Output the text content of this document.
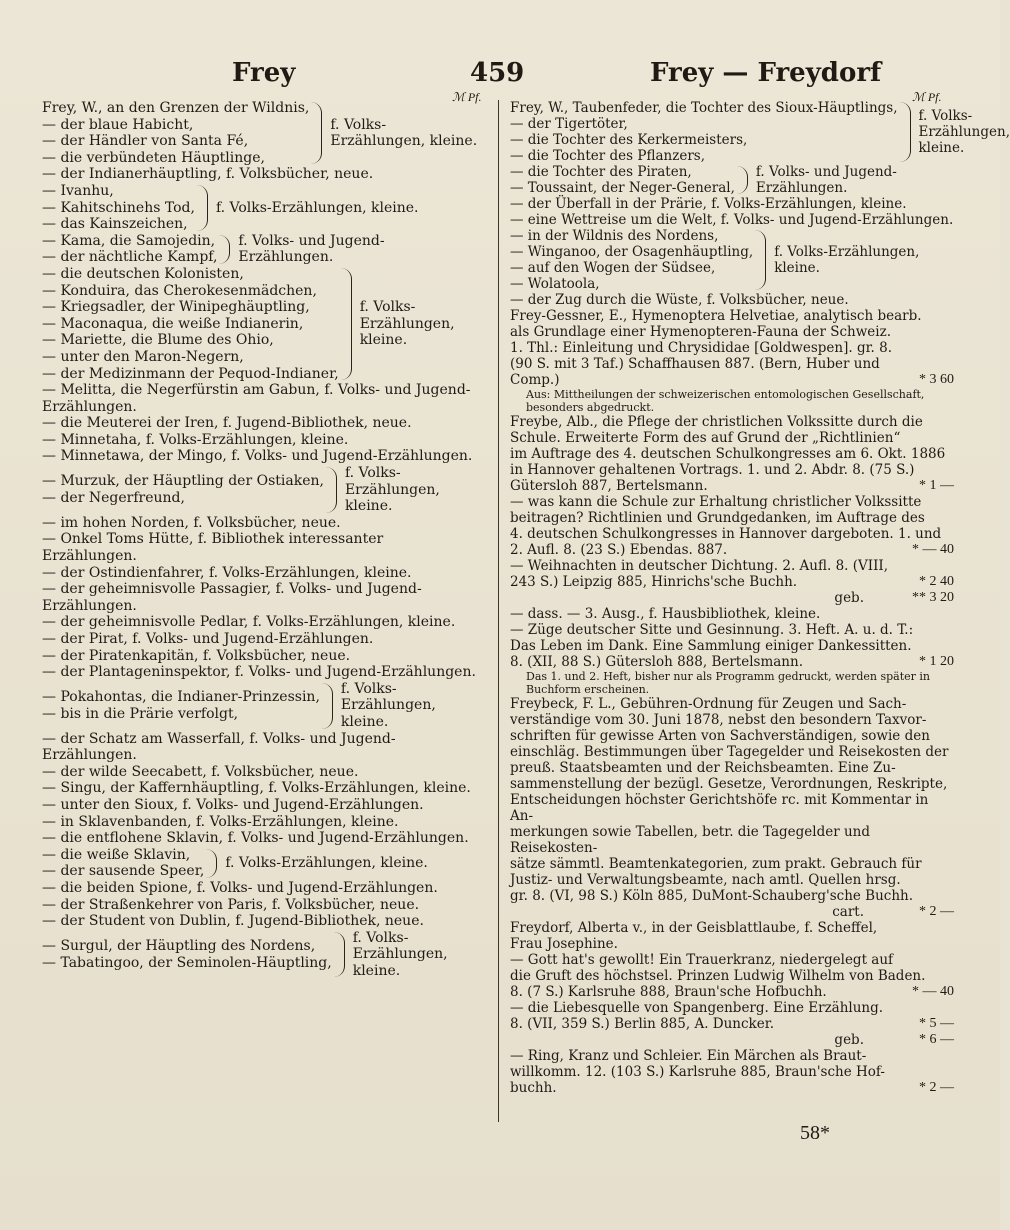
Frey	459	Frey — Freydorf
ℳ Pf.	ℳ Pf.
Frey, W., an den Grenzen der Wildnis,
— der blaue Habicht,
— der Händler von Santa Fé,
— die verbündeten Häuptlinge,
f. Volks-Erzählungen, kleine.
— der Indianerhäuptling, f. Volksbücher, neue.
— Ivanhu,
— Kahitschinehs Tod,
— das Kainszeichen,
f. Volks-Erzählungen, kleine.
— Kama, die Samojedin,
— der nächtliche Kampf,
f. Volks- und Jugend-Erzählungen.
— die deutschen Kolonisten,
— Konduira, das Cherokesenmädchen,
— Kriegsadler, der Winipeghäuptling,
— Maconaqua, die weiße Indianerin,
— Mariette, die Blume des Ohio,
— unter den Maron-Negern,
— der Medizinmann der Pequod-Indianer,
f. Volks-Erzählungen, kleine.
— Melitta, die Negerfürstin am Gabun, f. Volks- und Jugend-Erzählungen.
— die Meuterei der Iren, f. Jugend-Bibliothek, neue.
— Minnetaha, f. Volks-Erzählungen, kleine.
— Minnetawa, der Mingo, f. Volks- und Jugend-Erzählungen.
— Murzuk, der Häuptling der Ostiaken,
— der Negerfreund,
f. Volks-Erzählungen, kleine.
— im hohen Norden, f. Volksbücher, neue.
— Onkel Toms Hütte, f. Bibliothek interessanter Erzählungen.
— der Ostindienfahrer, f. Volks-Erzählungen, kleine.
— der geheimnisvolle Passagier, f. Volks- und Jugend-Erzählungen.
— der geheimnisvolle Pedlar, f. Volks-Erzählungen, kleine.
— der Pirat, f. Volks- und Jugend-Erzählungen.
— der Piratenkapitän, f. Volksbücher, neue.
— der Plantageninspektor, f. Volks- und Jugend-Erzählungen.
— Pokahontas, die Indianer-Prinzessin,
— bis in die Prärie verfolgt,
f. Volks-Erzählungen, kleine.
— der Schatz am Wasserfall, f. Volks- und Jugend-Erzählungen.
— der wilde Seecabett, f. Volksbücher, neue.
— Singu, der Kaffernhäuptling, f. Volks-Erzählungen, kleine.
— unter den Sioux, f. Volks- und Jugend-Erzählungen.
— in Sklavenbanden, f. Volks-Erzählungen, kleine.
— die entflohene Sklavin, f. Volks- und Jugend-Erzählungen.
— die weiße Sklavin,
— der sausende Speer,
f. Volks-Erzählungen, kleine.
— die beiden Spione, f. Volks- und Jugend-Erzählungen.
— der Straßenkehrer von Paris, f. Volksbücher, neue.
— der Student von Dublin, f. Jugend-Bibliothek, neue.
— Surgul, der Häuptling des Nordens,
— Tabatingoo, der Seminolen-Häuptling,
f. Volks-Erzählungen, kleine.
Frey, W., Taubenfeder, die Tochter des Sioux-Häuptlings,
— der Tigertöter,
— die Tochter des Kerkermeisters,
— die Tochter des Pflanzers,
f. Volks-Erzählungen, kleine.
— die Tochter des Piraten,
— Toussaint, der Neger-General,
f. Volks- und Jugend-Erzählungen.
— der Überfall in der Prärie, f. Volks-Erzählungen, kleine.
— eine Wettreise um die Welt, f. Volks- und Jugend-Erzählungen.
— in der Wildnis des Nordens,
— Winganoo, der Osagenhäuptling,
— auf den Wogen der Südsee,
— Wolatoola,
f. Volks-Erzählungen, kleine.
— der Zug durch die Wüste, f. Volksbücher, neue.
Frey-Gessner, E., Hymenoptera Helvetiae, analytisch bearb.
als Grundlage einer Hymenopteren-Fauna der Schweiz.
1. Thl.: Einleitung und Chrysididae [Goldwespen]. gr. 8.
(90 S. mit 3 Taf.) Schaffhausen 887. (Bern, Huber und
Comp.)	* 3 60
Aus: Mittheilungen der schweizerischen entomologischen Gesellschaft, besonders abgedruckt.
Freybe, Alb., die Pflege der christlichen Volkssitte durch die
Schule. Erweiterte Form des auf Grund der „Richtlinien“
im Auftrage des 4. deutschen Schulkongresses am 6. Okt. 1886
in Hannover gehaltenen Vortrags. 1. und 2. Abdr. 8. (75 S.)
Gütersloh 887, Bertelsmann.	* 1 —
— was kann die Schule zur Erhaltung christlicher Volkssitte
beitragen? Richtlinien und Grundgedanken, im Auftrage des
4. deutschen Schulkongresses in Hannover dargeboten. 1. und
2. Aufl. 8. (23 S.) Ebendas. 887.	* — 40
— Weihnachten in deutscher Dichtung. 2. Aufl. 8. (VIII,
243 S.) Leipzig 885, Hinrichs'sche Buchh.	* 2 40
geb.	** 3 20
— dass. — 3. Ausg., f. Hausbibliothek, kleine.
— Züge deutscher Sitte und Gesinnung. 3. Heft. A. u. d. T.:
Das Leben im Dank. Eine Sammlung einiger Dankessitten.
8. (XII, 88 S.) Gütersloh 888, Bertelsmann.	* 1 20
Das 1. und 2. Heft, bisher nur als Programm gedruckt, werden später in Buchform erscheinen.
Freybeck, F. L., Gebühren-Ordnung für Zeugen und Sach-
verständige vom 30. Juni 1878, nebst den besondern Taxvor-
schriften für gewisse Arten von Sachverständigen, sowie den
einschläg. Bestimmungen über Tagegelder und Reisekosten der
preuß. Staatsbeamten und der Reichsbeamten. Eine Zu-
sammenstellung der bezügl. Gesetze, Verordnungen, Reskripte,
Entscheidungen höchster Gerichtshöfe rc. mit Kommentar in An-
merkungen sowie Tabellen, betr. die Tagegelder und Reisekosten-
sätze sämmtl. Beamtenkategorien, zum prakt. Gebrauch für
Justiz- und Verwaltungsbeamte, nach amtl. Quellen hrsg.
gr. 8. (VI, 98 S.) Köln 885, DuMont-Schauberg'sche Buchh.
cart.	* 2 —
Freydorf, Alberta v., in der Geisblattlaube, f. Scheffel,
Frau Josephine.
— Gott hat's gewollt! Ein Trauerkranz, niedergelegt auf
die Gruft des höchstsel. Prinzen Ludwig Wilhelm von Baden.
8. (7 S.) Karlsruhe 888, Braun'sche Hofbuchh.	* — 40
— die Liebesquelle von Spangenberg. Eine Erzählung.
8. (VII, 359 S.) Berlin 885, A. Duncker.	* 5 —
geb.	* 6 —
— Ring, Kranz und Schleier. Ein Märchen als Braut-
willkomm. 12. (103 S.) Karlsruhe 885, Braun'sche Hof-
buchh.	* 2 —
58*
